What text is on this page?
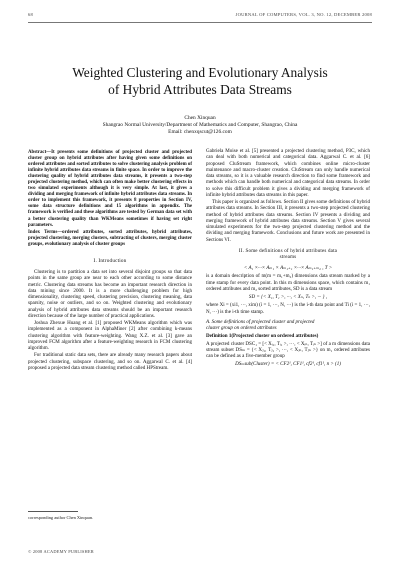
68	JOURNAL OF COMPUTERS, VOL. 3, NO. 12, DECEMBER 2008
Weighted Clustering and Evolutionary Analysis
of Hybrid Attributes Data Streams
Chen Xinquan
Shangrao Normal University/Department of Mathematics and Computer, Shangrao, China
Email: chenxqscut@126.com

Abstract—It presents some definitions of projected cluster and projected cluster group on hybrid attributes after having given some definitions on ordered attributes and sorted attributes to solve clustering analysis problem of infinite hybrid attributes data streams in finite space. In order to improve the clustering quality of hybrid attributes data streams, it presents a two-step projected clustering method, which can often make better clustering effects in two simulated experiments although it is very simple. At last, it gives a dividing and merging framework of infinite hybrid attributes data streams. In order to implement this framework, it presents 8 properties in Section IV, some data structure definitions and 15 algorithms in appendix. The framework is verified and these algorithms are tested by German data set with a better clustering quality than WKMeans sometimes if having set right parameters.

Index Terms—ordered attributes, sorted attributes, hybrid attributes, projected clustering, merging clusters, subtracting of clusters, merging cluster groups, evolutionary analysis of cluster groups

I. Introduction

Clustering is to partition a data set into several disjoint groups so that data points in the same group are near to each other according to some distance metric. Clustering data streams has become an important research direction in data mining since 2000. It is a more challenging problem for high dimensionality, clustering speed, clustering precision, clustering meaning, data sparsity, noise or outliers, and so on. Weighted clustering and evolutionary analysis of hybrid attributes data streams should be an important research direction because of the large number of practical applications.

Joshua Zhexue Huang et al. [1] proposed WKMeans algorithm which was implemented as a component in AlphaMiner [2] after combining k-means clustering algorithm with feature-weighting. Wang X.Z. et al. [3] gave an improved FCM algorithm after a feature-weighting research in FCM clustering algorithm.

For traditional static data sets, there are already many research papers about projected clustering, subspace clustering, and so on. Aggarwal C. et al. [4] proposed a projected data stream clustering method called HPStream.

Gabriela Moise et al. [5] presented a projected clustering method, P3C, which can deal with both numerical and categorical data. Aggarwal C. et al. [6] proposed CluStream framework, which combines online micro-cluster maintenance and macro-cluster creation. CluStream can only handle numerical data streams, so it is a valuable research direction to find some framework and methods which can handle both numerical and categorical data streams. In order to solve this difficult problem it gives a dividing and merging framework of infinite hybrid attributes data streams in this paper.

This paper is organized as follows. Section II gives some definitions of hybrid attributes data streams. In Section III, it presents a two-step projected clustering method of hybrid attributes data streams. Section IV presents a dividing and merging framework of hybrid attributes data streams. Section V gives several simulated experiments for the two-step projected clustering method and the dividing and merging framework. Conclusions and future work are presented in Sections VI.

II. Some definitions of hybrid attributes data
streams
< A₁ ×···× Aₘ₁ × Aₘ₁₊₁ ×···× Aₘ₁₊ₘ₂ , T >

is a domain description of m(m = m₁+m₂) dimensions data stream marked by a time stamp for every data point. In this m dimensions space, which contains m₁ ordered attributes and m₂ sorted attributes, SD is a data stream

SD = {< X₁, T₁ >, ···, < Xₙ, Tₙ >, ··· } ,

where Xi = (xi1, ···, xim) (i = 1, ···, N, ···) is the i-th data point and Ti (i = 1, ···, N, ···) is the i-th time stamp.

A. Some definitions of projected cluster and projected
cluster group on ordered attributes
Definition 1(Projected cluster on ordered attributes)

A projected cluster DSC₁ = [< Xᵢ₁, Tᵢ₁ >, ···, < Xᵢₙ, Tᵢₙ >] of a m dimensions data stream subset DSₘ = {< Xⱼ₁, Tⱼ₁ >, ···, < Xⱼₙ, Tⱼₙ >} on m₁ ordered attributes can be defined as a five-member group

DSₘsub(Cluster) = < CF2¹, CF1¹, cf2¹, cf1¹, n > (1)
corresponding author Chen Xinquan.
© 2008 ACADEMY PUBLISHER
